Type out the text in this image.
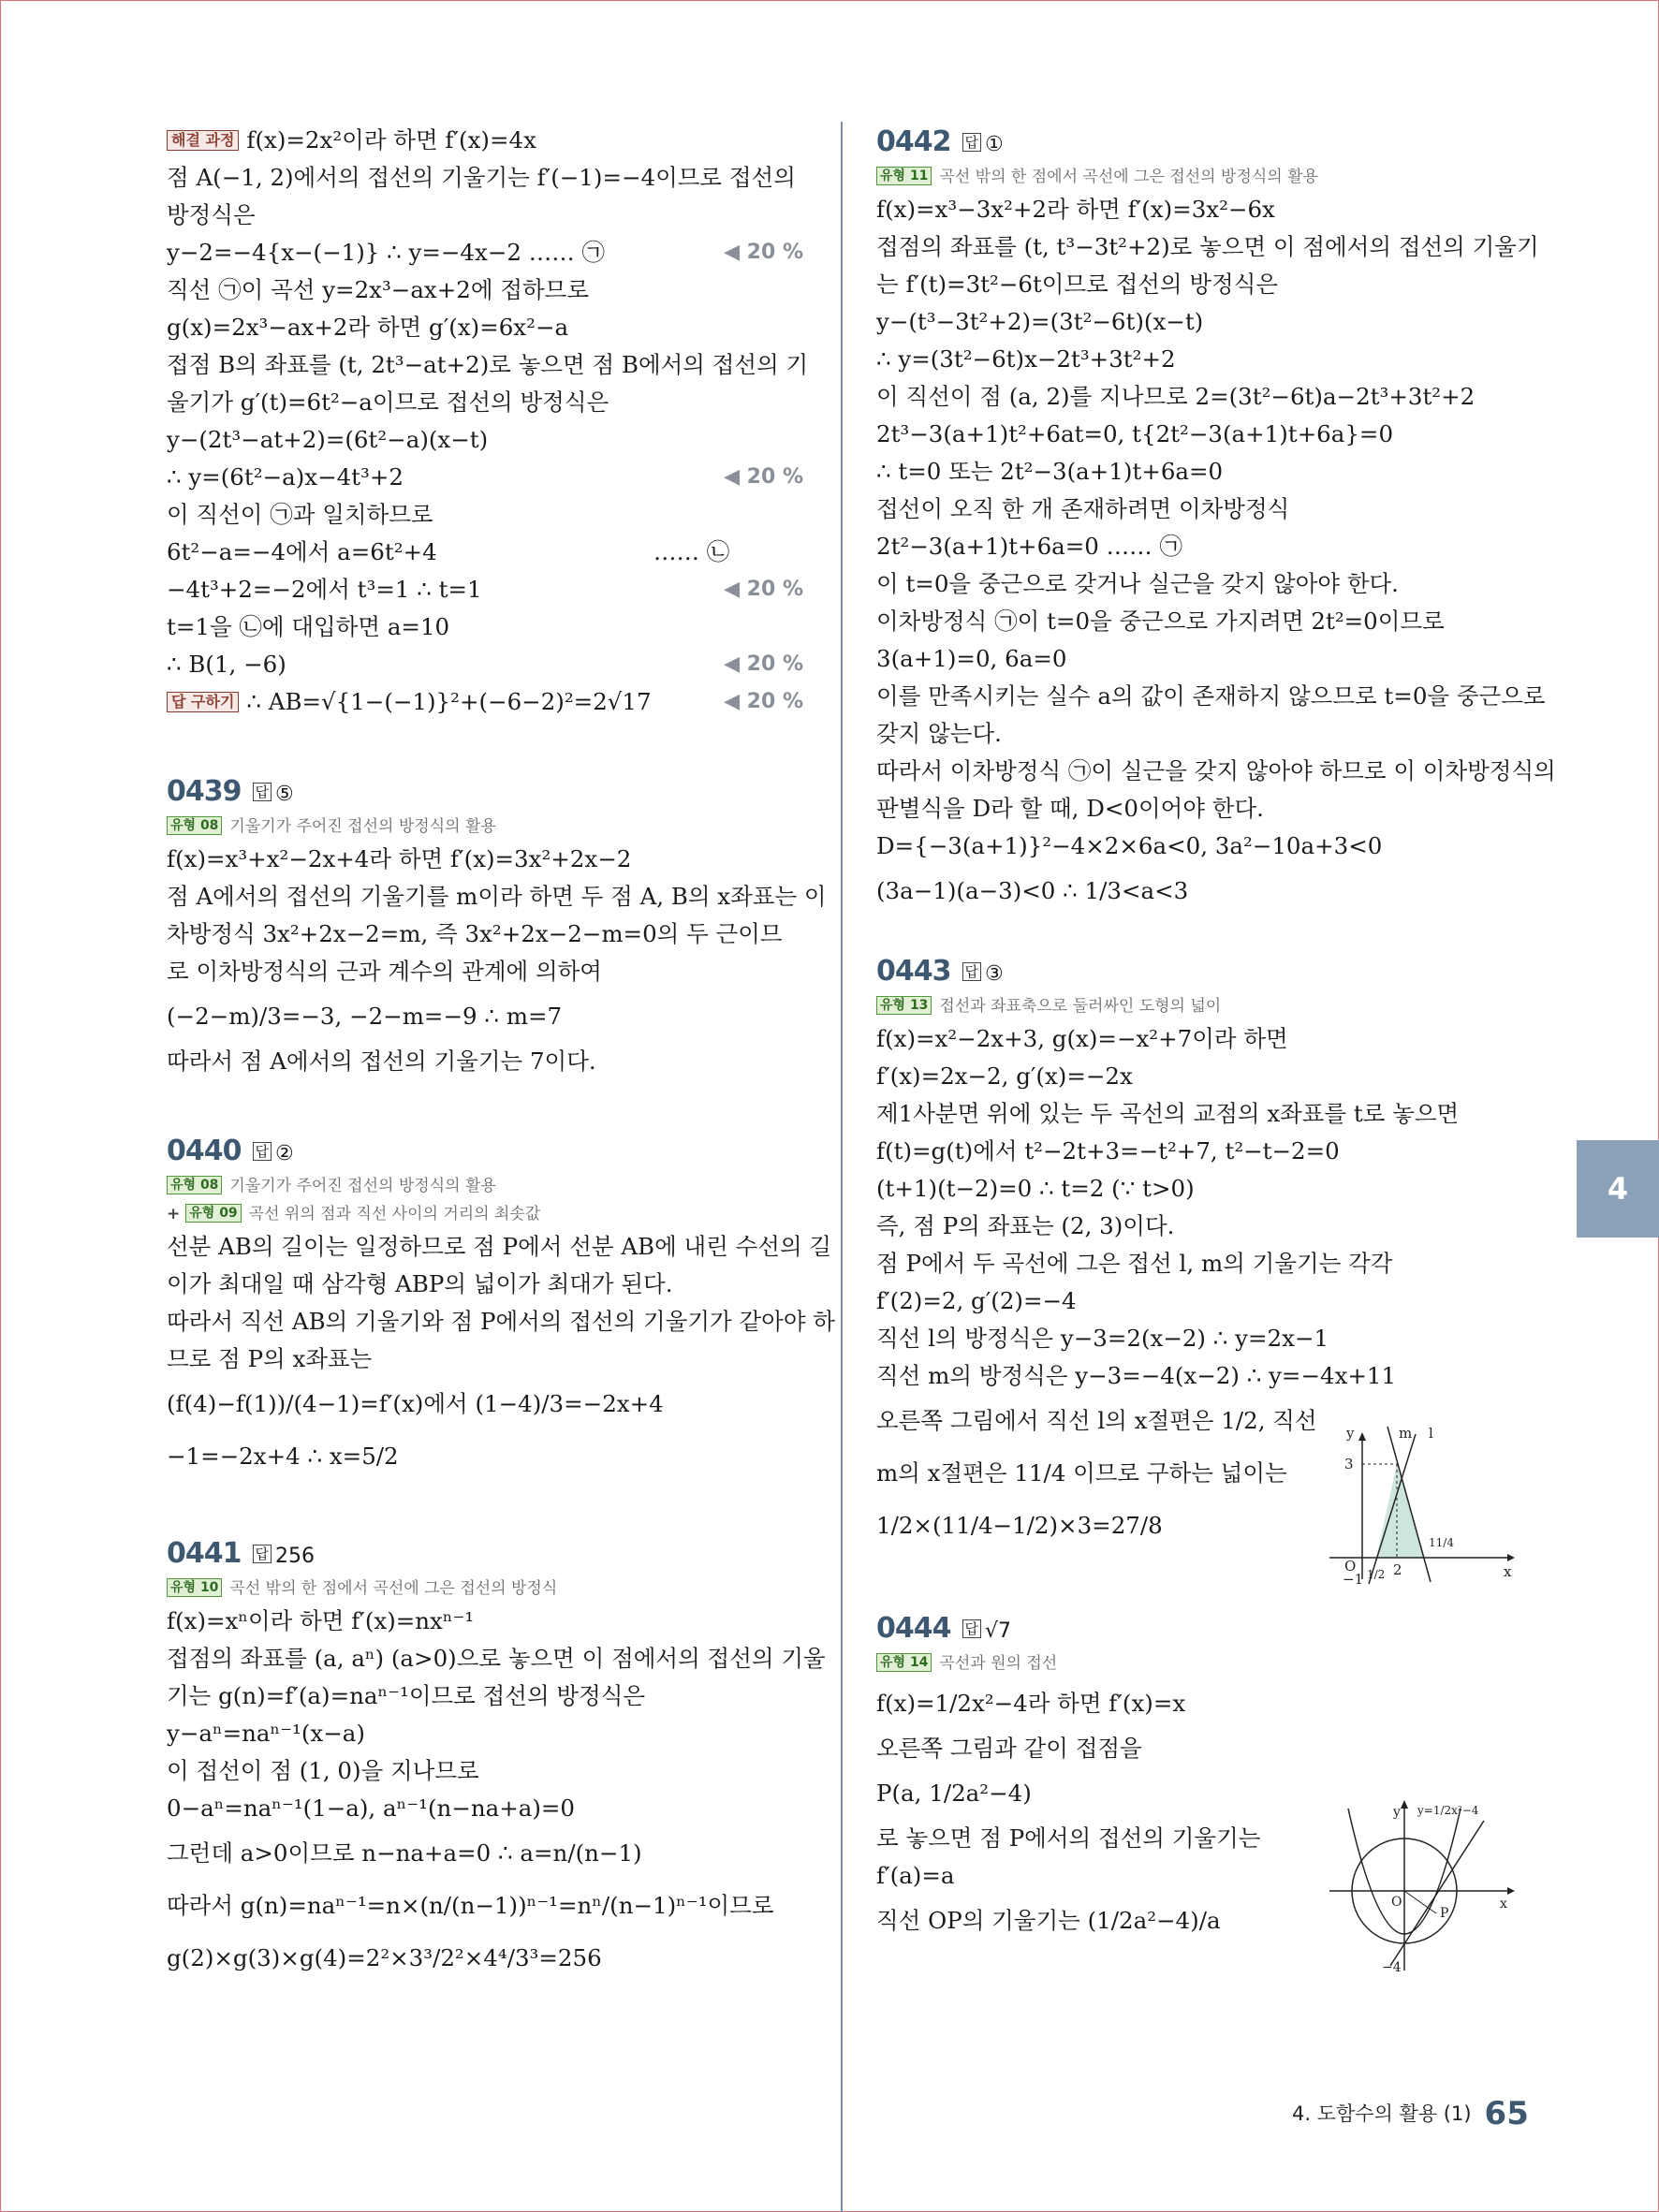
해결 과정 f(x)=2x²이라 하면 f′(x)=4x
점 A(−1, 2)에서의 접선의 기울기는 f′(−1)=−4이므로 접선의
방정식은
y−2=−4{x−(−1)} ∴ y=−4x−2 …… ㉠	◀ 20 %
직선 ㉠이 곡선 y=2x³−ax+2에 접하므로
g(x)=2x³−ax+2라 하면 g′(x)=6x²−a
접점 B의 좌표를 (t, 2t³−at+2)로 놓으면 점 B에서의 접선의 기
울기가 g′(t)=6t²−a이므로 접선의 방정식은
y−(2t³−at+2)=(6t²−a)(x−t)
∴ y=(6t²−a)x−4t³+2	◀ 20 %
이 직선이 ㉠과 일치하므로
6t²−a=−4에서 a=6t²+4	…… ㉡
−4t³+2=−2에서 t³=1 ∴ t=1	◀ 20 %
t=1을 ㉡에 대입하면 a=10
∴ B(1, −6)	◀ 20 %
답 구하기 ∴ AB=√{1−(−1)}²+(−6−2)²=2√17	◀ 20 %
0439 답 ⑤
유형 08 기울기가 주어진 접선의 방정식의 활용
f(x)=x³+x²−2x+4라 하면 f′(x)=3x²+2x−2
점 A에서의 접선의 기울기를 m이라 하면 두 점 A, B의 x좌표는 이
차방정식 3x²+2x−2=m, 즉 3x²+2x−2−m=0의 두 근이므
로 이차방정식의 근과 계수의 관계에 의하여
(−2−m)/3=−3, −2−m=−9 ∴ m=7
따라서 점 A에서의 접선의 기울기는 7이다.
0440 답 ②
유형 08 기울기가 주어진 접선의 방정식의 활용
+ 유형 09 곡선 위의 점과 직선 사이의 거리의 최솟값
선분 AB의 길이는 일정하므로 점 P에서 선분 AB에 내린 수선의 길
이가 최대일 때 삼각형 ABP의 넓이가 최대가 된다.
따라서 직선 AB의 기울기와 점 P에서의 접선의 기울기가 같아야 하
므로 점 P의 x좌표는
(f(4)−f(1))/(4−1)=f′(x)에서 (1−4)/3=−2x+4
−1=−2x+4 ∴ x=5/2
0441 답 256
유형 10 곡선 밖의 한 점에서 곡선에 그은 접선의 방정식
f(x)=xⁿ이라 하면 f′(x)=nxⁿ⁻¹
접점의 좌표를 (a, aⁿ) (a>0)으로 놓으면 이 점에서의 접선의 기울
기는 g(n)=f′(a)=naⁿ⁻¹이므로 접선의 방정식은
y−aⁿ=naⁿ⁻¹(x−a)
이 접선이 점 (1, 0)을 지나므로
0−aⁿ=naⁿ⁻¹(1−a), aⁿ⁻¹(n−na+a)=0
그런데 a>0이므로 n−na+a=0 ∴ a=n/(n−1)
따라서 g(n)=naⁿ⁻¹=n×(n/(n−1))ⁿ⁻¹=nⁿ/(n−1)ⁿ⁻¹이므로
g(2)×g(3)×g(4)=2²×3³/2²×4⁴/3³=256
0442 답 ①
유형 11 곡선 밖의 한 점에서 곡선에 그은 접선의 방정식의 활용
f(x)=x³−3x²+2라 하면 f′(x)=3x²−6x
접점의 좌표를 (t, t³−3t²+2)로 놓으면 이 점에서의 접선의 기울기
는 f′(t)=3t²−6t이므로 접선의 방정식은
y−(t³−3t²+2)=(3t²−6t)(x−t)
∴ y=(3t²−6t)x−2t³+3t²+2
이 직선이 점 (a, 2)를 지나므로 2=(3t²−6t)a−2t³+3t²+2
2t³−3(a+1)t²+6at=0, t{2t²−3(a+1)t+6a}=0
∴ t=0 또는 2t²−3(a+1)t+6a=0
접선이 오직 한 개 존재하려면 이차방정식
2t²−3(a+1)t+6a=0 …… ㉠
이 t=0을 중근으로 갖거나 실근을 갖지 않아야 한다.
이차방정식 ㉠이 t=0을 중근으로 가지려면 2t²=0이므로
3(a+1)=0, 6a=0
이를 만족시키는 실수 a의 값이 존재하지 않으므로 t=0을 중근으로
갖지 않는다.
따라서 이차방정식 ㉠이 실근을 갖지 않아야 하므로 이 이차방정식의
판별식을 D라 할 때, D<0이어야 한다.
D={−3(a+1)}²−4×2×6a<0, 3a²−10a+3<0
(3a−1)(a−3)<0 ∴ 1/3<a<3
0443 답 ③
유형 13 접선과 좌표축으로 둘러싸인 도형의 넓이
f(x)=x²−2x+3, g(x)=−x²+7이라 하면
f′(x)=2x−2, g′(x)=−2x
제1사분면 위에 있는 두 곡선의 교점의 x좌표를 t로 놓으면
f(t)=g(t)에서 t²−2t+3=−t²+7, t²−t−2=0
(t+1)(t−2)=0 ∴ t=2 (∵ t>0)
즉, 점 P의 좌표는 (2, 3)이다.
점 P에서 두 곡선에 그은 접선 l, m의 기울기는 각각
f′(2)=2, g′(2)=−4
직선 l의 방정식은 y−3=2(x−2) ∴ y=2x−1
직선 m의 방정식은 y−3=−4(x−2) ∴ y=−4x+11
오른쪽 그림에서 직선 l의 x절편은 1/2, 직선
m의 x절편은 11/4 이므로 구하는 넓이는
1/2×(11/4−1/2)×3=27/8
0444 답 √7
유형 14 곡선과 원의 접선
f(x)=1/2x²−4라 하면 f′(x)=x
오른쪽 그림과 같이 접점을
P(a, 1/2a²−4)
로 놓으면 점 P에서의 접선의 기울기는
f′(a)=a
직선 OP의 기울기는 (1/2a²−4)/a
y
x
m l
3
O
−1 1/2 2
11/4
y y=1/2x²−4
O
P
x
−4
4
4. 도함수의 활용 (1) 65
